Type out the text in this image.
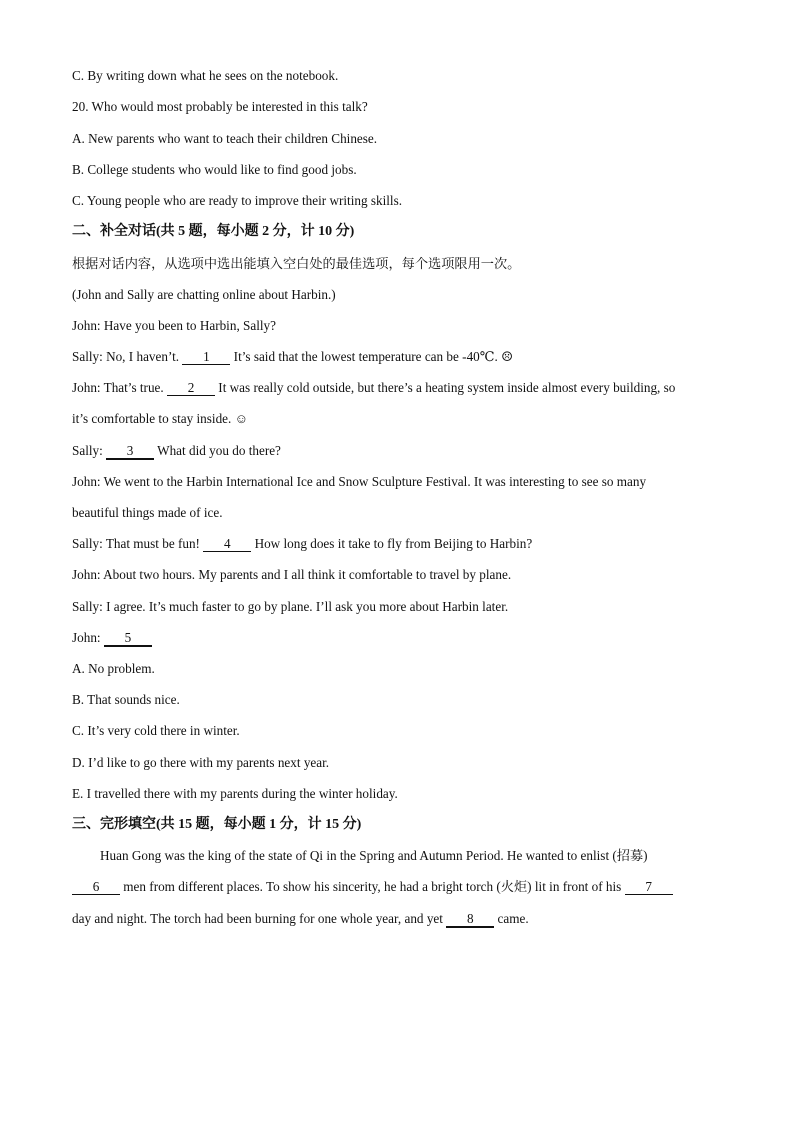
C. By writing down what he sees on the notebook.
20. Who would most probably be interested in this talk?
A. New parents who want to teach their children Chinese.
B. College students who would like to find good jobs.
C. Young people who are ready to improve their writing skills.
二、补全对话(共 5 题，每小题 2 分，计 10 分)
根据对话内容，从选项中选出能填入空白处的最佳选项，每个选项限用一次。
(John and Sally are chatting online about Harbin.)
John: Have you been to Harbin, Sally?
Sally: No, I haven’t. 1 It’s said that the lowest temperature can be -40℃. ☹
John: That’s true. 2 It was really cold outside, but there’s a heating system inside almost every building, so
it’s comfortable to stay inside. ☺
Sally: 3 What did you do there?
John: We went to the Harbin International Ice and Snow Sculpture Festival. It was interesting to see so many
beautiful things made of ice.
Sally: That must be fun! 4 How long does it take to fly from Beijing to Harbin?
John: About two hours. My parents and I all think it comfortable to travel by plane.
Sally: I agree. It’s much faster to go by plane. I’ll ask you more about Harbin later.
John: 5
A. No problem.
B. That sounds nice.
C. It’s very cold there in winter.
D. I’d like to go there with my parents next year.
E. I travelled there with my parents during the winter holiday.
三、完形填空(共 15 题，每小题 1 分，计 15 分)
Huan Gong was the king of the state of Qi in the Spring and Autumn Period. He wanted to enlist (招募)
6 men from different places. To show his sincerity, he had a bright torch (火炬) lit in front of his 7
day and night. The torch had been burning for one whole year, and yet 8 came.
